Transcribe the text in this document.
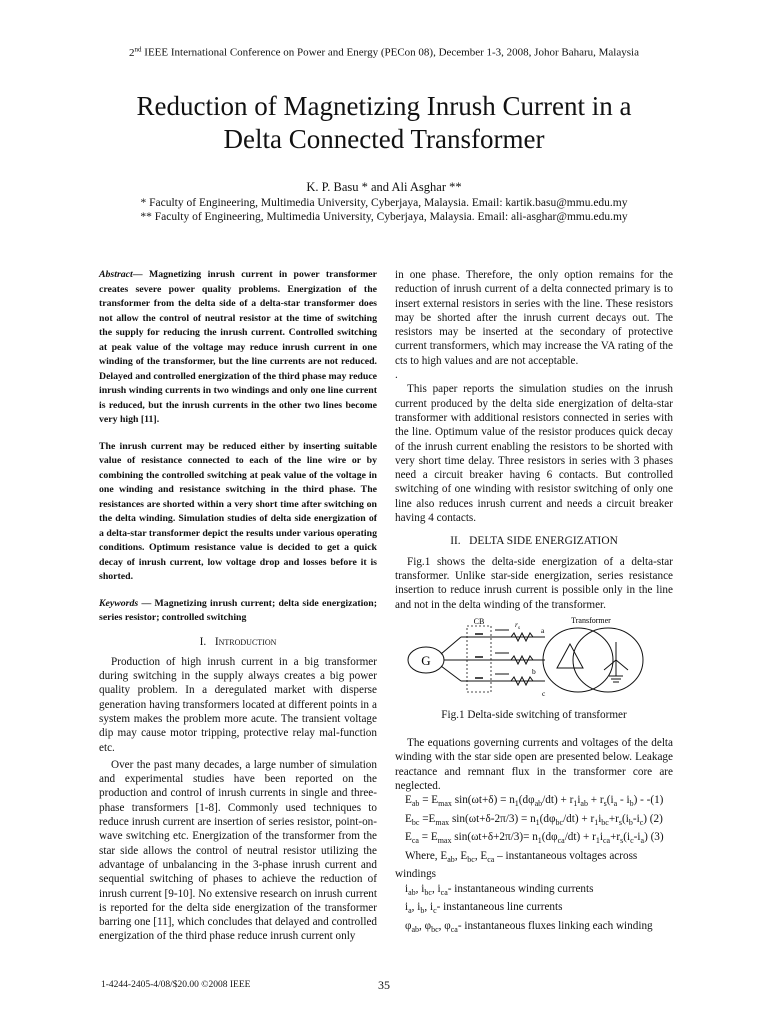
2nd IEEE International Conference on Power and Energy (PECon 08), December 1-3, 2008, Johor Baharu, Malaysia
Reduction of Magnetizing Inrush Current in a
Delta Connected Transformer
K. P. Basu * and Ali Asghar **
* Faculty of Engineering, Multimedia University, Cyberjaya, Malaysia. Email: kartik.basu@mmu.edu.my
** Faculty of Engineering, Multimedia University, Cyberjaya, Malaysia. Email: ali-asghar@mmu.edu.my

Abstract— Magnetizing inrush current in power transformer creates severe power quality problems. Energization of the transformer from the delta side of a delta-star transformer does not allow the control of neutral resistor at the time of switching the supply for reducing the inrush current. Controlled switching at peak value of the voltage may reduce inrush current in one winding of the transformer, but the line currents are not reduced. Delayed and controlled energization of the third phase may reduce inrush winding currents in two windings and only one line current is reduced, but the inrush currents in the other two lines become very high [11].

The inrush current may be reduced either by inserting suitable value of resistance connected to each of the line wire or by combining the controlled switching at peak value of the voltage in one winding and resistance switching in the third phase. The resistances are shorted within a very short time after switching on the delta winding. Simulation studies of delta side energization of a delta-star transformer depict the results under various operating conditions. Optimum resistance value is decided to get a quick decay of inrush current, low voltage drop and losses before it is shorted.

Keywords — Magnetizing inrush current; delta side energization; series resistor; controlled switching

I. Introduction

Production of high inrush current in a big transformer during switching in the supply always creates a big power quality problem. In a deregulated market with disperse generation having transformers located at different points in a system makes the problem more acute. The transient voltage dip may cause motor tripping, protective relay mal-function etc.

Over the past many decades, a large number of simulation and experimental studies have been reported on the production and control of inrush currents in single and three-phase transformers [1-8]. Commonly used techniques to reduce inrush current are insertion of series resistor, point-on-wave switching etc. Energization of the transformer from the star side allows the control of neutral resistor utilizing the advantage of unbalancing in the 3-phase inrush current and sequential switching of phases to achieve the reduction of inrush current [9-10]. No extensive research on inrush current is reported for the delta side energization of the transformer barring one [11], which concludes that delayed and controlled energization of the third phase reduce inrush current only

in one phase. Therefore, the only option remains for the reduction of inrush current of a delta connected primary is to insert external resistors in series with the line. These resistors may be shorted after the inrush current decays out. The resistors may be inserted at the secondary of protective current transformers, which may increase the VA rating of the cts to high values and are not acceptable.

.

This paper reports the simulation studies on the inrush current produced by the delta side energization of delta-star transformer with additional resistors connected in series with the line. Optimum value of the resistor produces quick decay of the inrush current enabling the resistors to be shorted with very short time delay. Three resistors in series with 3 phases need a circuit breaker having 6 contacts. But controlled switching of one winding with resistor switching of only one line also reduces inrush current and needs a circuit breaker having 4 contacts.

II. DELTA SIDE ENERGIZATION

Fig.1 shows the delta-side energization of a delta-star transformer. Unlike star-side energization, series resistance insertion to reduce inrush current is possible only in the line and not in the delta winding of the transformer.

G
CB	$r_s$	a
b
c
Transformer
Fig.1 Delta-side switching of transformer

The equations governing currents and voltages of the delta winding with the star side open are presented below. Leakage reactance and remnant flux in the transformer core are neglected.

$E_{ab} = E_{max}$ $\sin(\omega t+\delta) = n_1(d\varphi_{ab}/dt) + r_1i_{ab} + r_s(i_a - i_b) - -(1)$
$E_{bc} =E_{max}$ $\sin(\omega t+\delta-2\pi/3) = n_1(d\varphi_{bc}/dt) + r_1i_{bc}+r_s(i_b-i_c)$ (2)
$E_{ca} = E_{max}$ $\sin(\omega t+\delta+2\pi/3)= n_1(d\varphi_{ca}/dt) + r_1i_{ca}+r_s(i_c-i_a)$ (3)
Where, $E_{ab}$, $E_{bc}$, $E_{ca}$ – instantaneous voltages across
windings
$i_{ab}$, $i_{bc}$, $i_{ca}-$ instantaneous winding currents
$i_a$, $i_b$, $i_c-$ instantaneous line currents
$\varphi_{ab}$, $\varphi_{bc}$, $\varphi_{ca}-$ instantaneous fluxes linking each winding
1-4244-2405-4/08/$20.00 ©2008 IEEE	35
